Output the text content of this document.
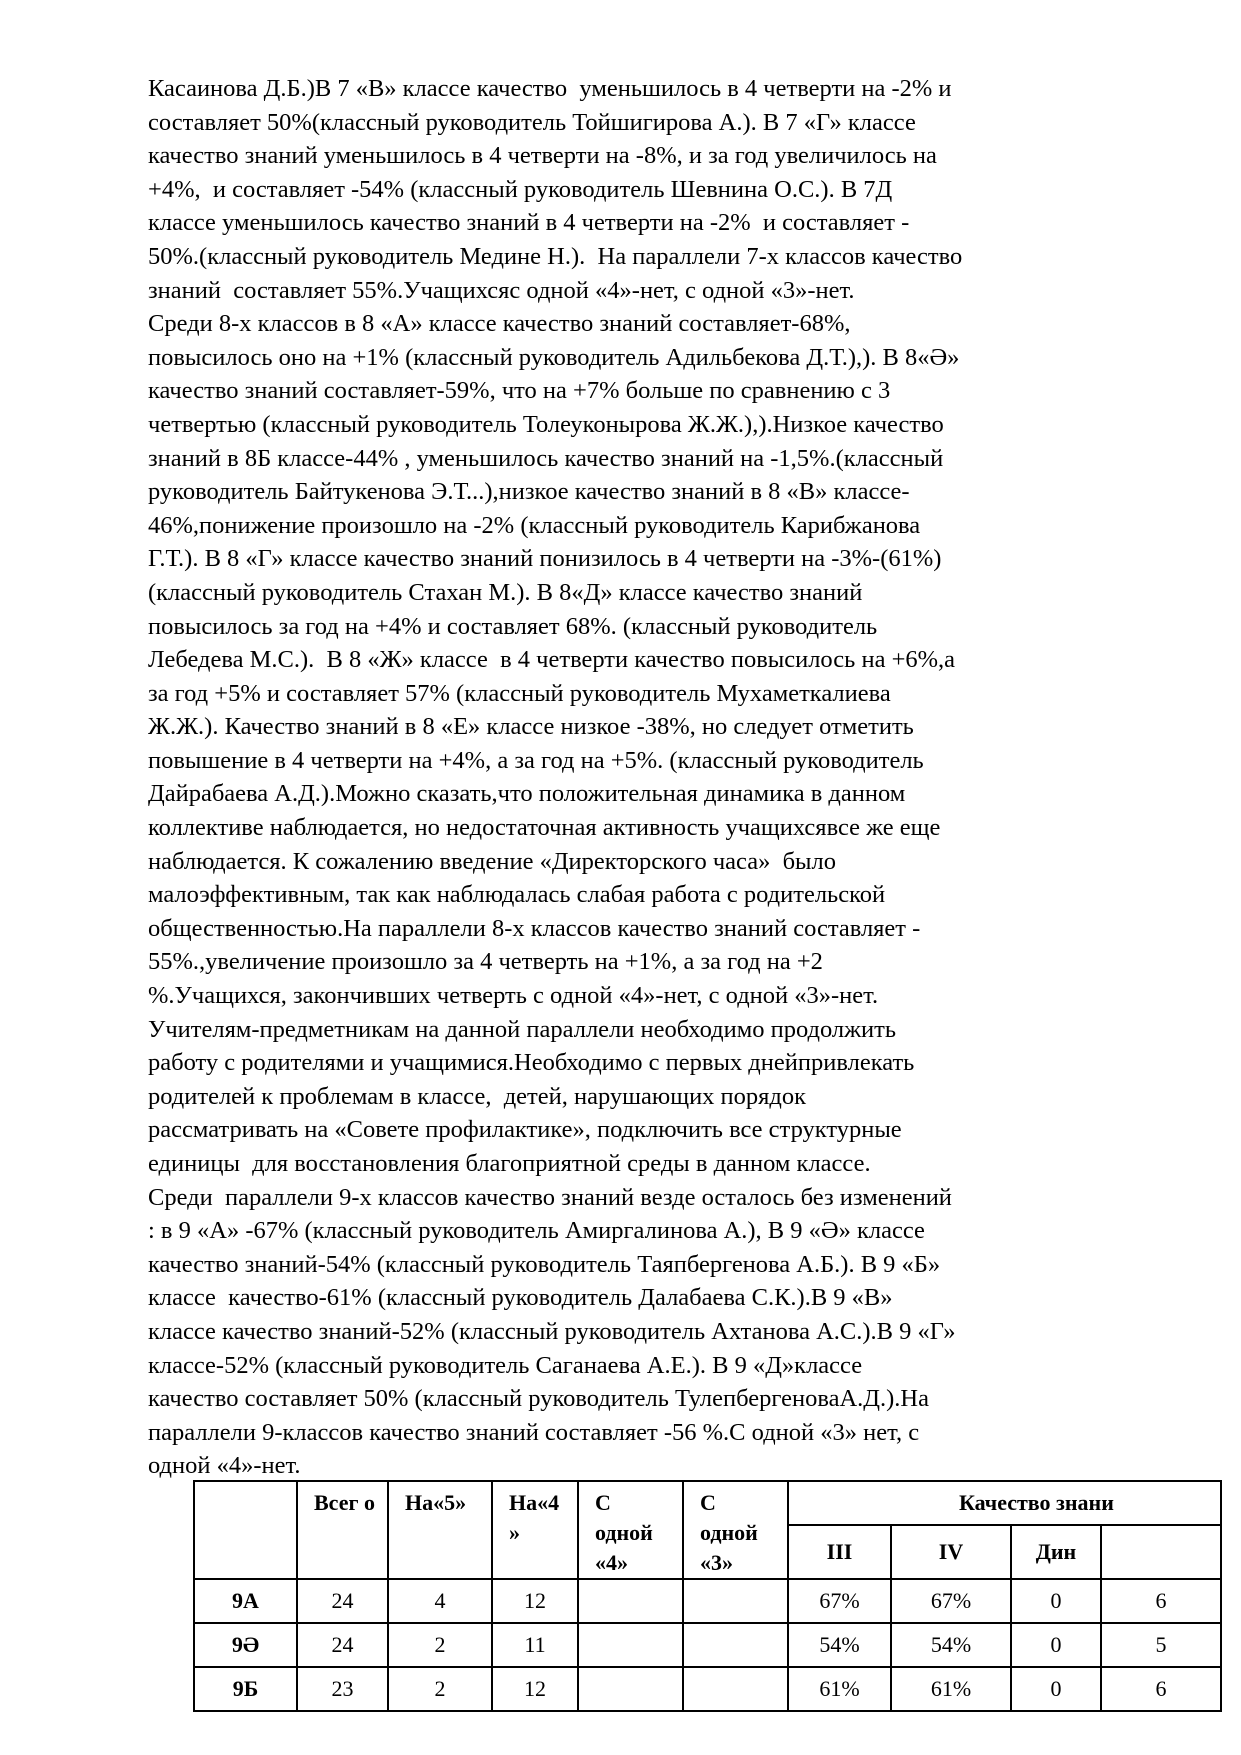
Касаинова Д.Б.)В 7 «В» классе качество  уменьшилось в 4 четверти на -2% и
составляет 50%(классный руководитель Тойшигирова А.). В 7 «Г» классе
качество знаний уменьшилось в 4 четверти на -8%, и за год увеличилось на
+4%,  и составляет -54% (классный руководитель Шевнина О.С.). В 7Д
классе уменьшилось качество знаний в 4 четверти на -2%  и составляет -
50%.(классный руководитель Медине Н.).  На параллели 7-х классов качество
знаний  составляет 55%.Учащихсяс одной «4»-нет, с одной «3»-нет.
Среди 8-х классов в 8 «А» классе качество знаний составляет-68%,
повысилось оно на +1% (классный руководитель Адильбекова Д.Т.),). В 8«Ә»
качество знаний составляет-59%, что на +7% больше по сравнению с 3
четвертью (классный руководитель Толеуконырова Ж.Ж.),).Низкое качество
знаний в 8Б классе-44% , уменьшилось качество знаний на -1,5%.(классный
руководитель Байтукенова Э.Т...),низкое качество знаний в 8 «В» классе-
46%,понижение произошло на -2% (классный руководитель Карибжанова
Г.Т.). В 8 «Г» классе качество знаний понизилось в 4 четверти на -3%-(61%)
(классный руководитель Стахан М.). В 8«Д» классе качество знаний
повысилось за год на +4% и составляет 68%. (классный руководитель
Лебедева М.С.).  В 8 «Ж» классе  в 4 четверти качество повысилось на +6%,а
за год +5% и составляет 57% (классный руководитель Мухаметкалиева
Ж.Ж.). Качество знаний в 8 «Е» классе низкое -38%, но следует отметить
повышение в 4 четверти на +4%, а за год на +5%. (классный руководитель
Дайрабаева А.Д.).Можно сказать,что положительная динамика в данном
коллективе наблюдается, но недостаточная активность учащихсявсе же еще
наблюдается. К сожалению введение «Директорского часа»  было
малоэффективным, так как наблюдалась слабая работа с родительской
общественностью.На параллели 8-х классов качество знаний составляет -
55%.,увеличение произошло за 4 четверть на +1%, а за год на +2
%.Учащихся, закончивших четверть с одной «4»-нет, с одной «3»-нет.
Учителям-предметникам на данной параллели необходимо продолжить
работу с родителями и учащимися.Необходимо с первых днейпривлекать
родителей к проблемам в классе,  детей, нарушающих порядок
рассматривать на «Совете профилактике», подключить все структурные
единицы  для восстановления благоприятной среды в данном классе.
Среди  параллели 9-х классов качество знаний везде осталось без изменений
: в 9 «А» -67% (классный руководитель Амиргалинова А.), В 9 «Ә» классе
качество знаний-54% (классный руководитель Таяпбергенова А.Б.). В 9 «Б»
классе  качество-61% (классный руководитель Далабаева С.К.).В 9 «В»
классе качество знаний-52% (классный руководитель Ахтанова А.С.).В 9 «Г»
классе-52% (классный руководитель Саганаева А.Е.). В 9 «Д»классе
качество составляет 50% (классный руководитель ТулепбергеноваА.Д.).На
параллели 9-классов качество знаний составляет -56 %.С одной «3» нет, с
одной «4»-нет.
	Всег о	На«5»	На«4 »	С одной «4»	С одной «3»	Качество знани			
						III	IV	Дин	
9А	24	4	12			67%	67%	0	6
9Ә	24	2	11			54%	54%	0	5
9Б	23	2	12			61%	61%	0	6
